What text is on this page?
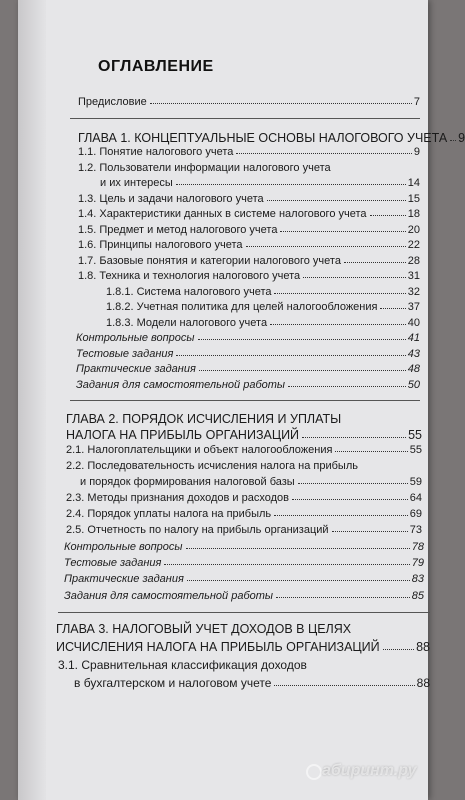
ОГЛАВЛЕНИЕ
Предисловие	7
ГЛАВА 1. КОНЦЕПТУАЛЬНЫЕ ОСНОВЫ НАЛОГОВОГО УЧЕТА 9
1.1. Понятие налогового учета	9
1.2. Пользователи информации налогового учета
и их интересы	14
1.3. Цель и задачи налогового учета	15
1.4. Характеристики данных в системе налогового учета	18
1.5. Предмет и метод налогового учета	20
1.6. Принципы налогового учета	22
1.7. Базовые понятия и категории налогового учета	28
1.8. Техника и технология налогового учета	31
1.8.1. Система налогового учета	32
1.8.2. Учетная политика для целей налогообложения	37
1.8.3. Модели налогового учета	40
Контрольные вопросы	41
Тестовые задания	43
Практические задания	48
Задания для самостоятельной работы	50
ГЛАВА 2. ПОРЯДОК ИСЧИСЛЕНИЯ И УПЛАТЫ
НАЛОГА НА ПРИБЫЛЬ ОРГАНИЗАЦИЙ	55
2.1. Налогоплательщики и объект налогообложения	55
2.2. Последовательность исчисления налога на прибыль
и порядок формирования налоговой базы	59
2.3. Методы признания доходов и расходов	64
2.4. Порядок уплаты налога на прибыль	69
2.5. Отчетность по налогу на прибыль организаций	73
Контрольные вопросы	78
Тестовые задания	79
Практические задания	83
Задания для самостоятельной работы	85
ГЛАВА 3. НАЛОГОВЫЙ УЧЕТ ДОХОДОВ В ЦЕЛЯХ
ИСЧИСЛЕНИЯ НАЛОГА НА ПРИБЫЛЬ ОРГАНИЗАЦИЙ	88
3.1. Сравнительная классификация доходов
в бухгалтерском и налоговом учете	88
абиринт.ру
